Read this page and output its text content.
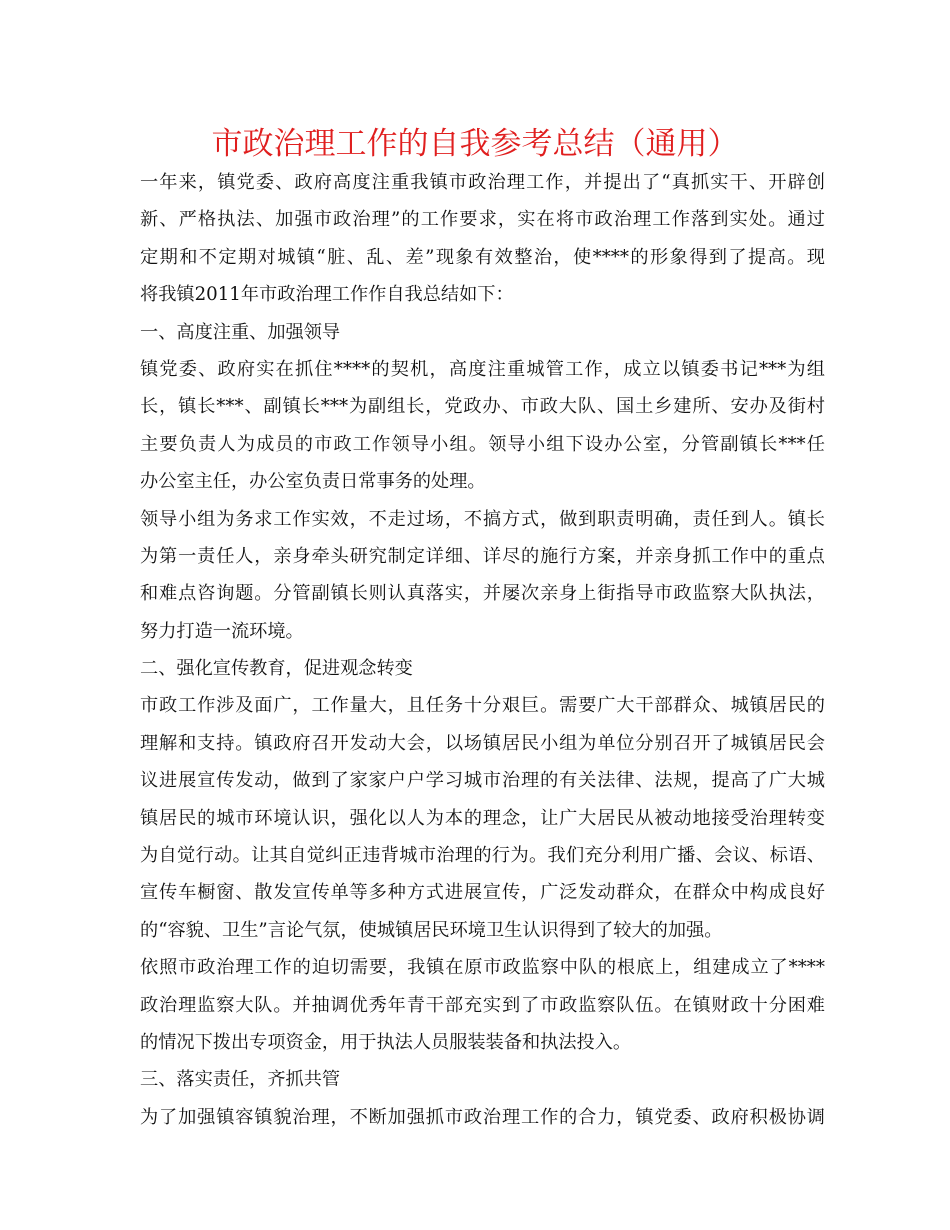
市政治理工作的自我参考总结（通用）
一年来，镇党委、政府高度注重我镇市政治理工作，并提出了“真抓实干、开辟创
新、严格执法、加强市政治理”的工作要求，实在将市政治理工作落到实处。通过
定期和不定期对城镇“脏、乱、差”现象有效整治，使****的形象得到了提高。现
将我镇2011年市政治理工作作自我总结如下：
一、高度注重、加强领导
镇党委、政府实在抓住****的契机，高度注重城管工作，成立以镇委书记***为组
长，镇长***、副镇长***为副组长，党政办、市政大队、国土乡建所、安办及街村
主要负责人为成员的市政工作领导小组。领导小组下设办公室，分管副镇长***任
办公室主任，办公室负责日常事务的处理。
领导小组为务求工作实效，不走过场，不搞方式，做到职责明确，责任到人。镇长
为第一责任人，亲身牵头研究制定详细、详尽的施行方案，并亲身抓工作中的重点
和难点咨询题。分管副镇长则认真落实，并屡次亲身上街指导市政监察大队执法，
努力打造一流环境。
二、强化宣传教育，促进观念转变
市政工作涉及面广，工作量大，且任务十分艰巨。需要广大干部群众、城镇居民的
理解和支持。镇政府召开发动大会，以场镇居民小组为单位分别召开了城镇居民会
议进展宣传发动，做到了家家户户学习城市治理的有关法律、法规，提高了广大城
镇居民的城市环境认识，强化以人为本的理念，让广大居民从被动地接受治理转变
为自觉行动。让其自觉纠正违背城市治理的行为。我们充分利用广播、会议、标语、
宣传车橱窗、散发宣传单等多种方式进展宣传，广泛发动群众，在群众中构成良好
的“容貌、卫生”言论气氛，使城镇居民环境卫生认识得到了较大的加强。
依照市政治理工作的迫切需要，我镇在原市政监察中队的根底上，组建成立了****
政治理监察大队。并抽调优秀年青干部充实到了市政监察队伍。在镇财政十分困难
的情况下拨出专项资金，用于执法人员服装装备和执法投入。
三、落实责任，齐抓共管
为了加强镇容镇貌治理，不断加强抓市政治理工作的合力，镇党委、政府积极协调
